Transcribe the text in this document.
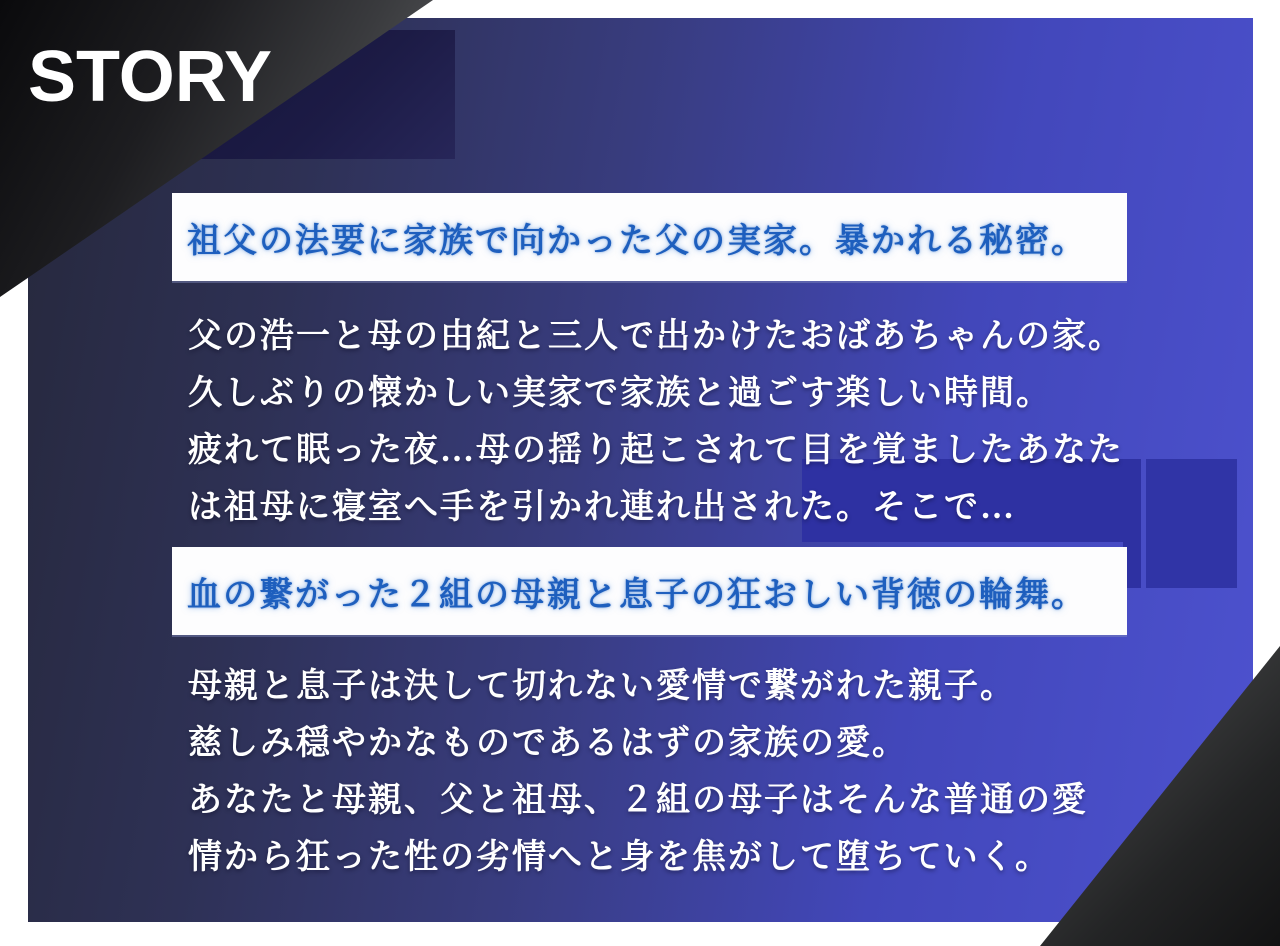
STORY
祖父の法要に家族で向かった父の実家。暴かれる秘密。
父の浩一と母の由紀と三人で出かけたおばあちゃんの家。
久しぶりの懐かしい実家で家族と過ごす楽しい時間。
疲れて眠った夜…母の揺り起こされて目を覚ましたあなた
は祖母に寝室へ手を引かれ連れ出された。そこで…
血の繋がった２組の母親と息子の狂おしい背徳の輪舞。
母親と息子は決して切れない愛情で繋がれた親子。
慈しみ穏やかなものであるはずの家族の愛。
あなたと母親、父と祖母、２組の母子はそんな普通の愛
情から狂った性の劣情へと身を焦がして堕ちていく。
